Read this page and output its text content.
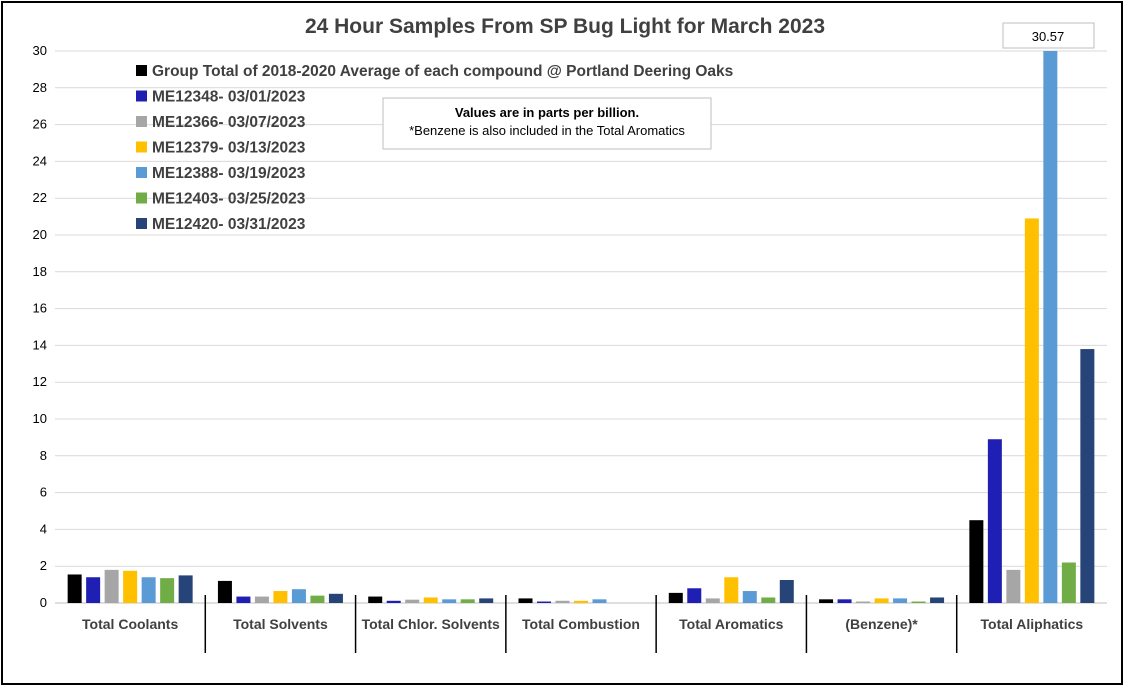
24 Hour Samples From SP Bug Light for March 2023
0
2
4
6
8
10
12
14
16
18
20
22
24
26
28
30
Total Coolants	Total Solvents Total Chlor. Solvents Total Combustion	Total Aromatics	(Benzene)*	Total Aliphatics
Group Total of 2018-2020 Average of each compound @ Portland Deering Oaks
ME12348- 03/01/2023
ME12366- 03/07/2023
ME12379- 03/13/2023
ME12388- 03/19/2023
ME12403- 03/25/2023
ME12420- 03/31/2023
Values are in parts per billion.
*Benzene is also included in the Total Aromatics
30.57
